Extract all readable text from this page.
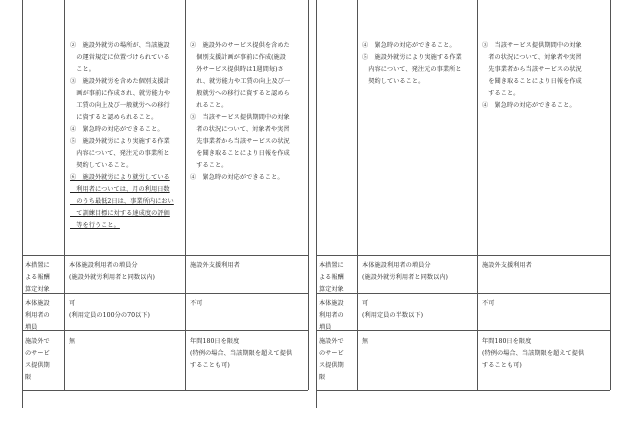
②　施設外就労の場所が、当該施設
　の運営規定に位置づけられている
　こと。
③　施設外就労を含めた個別支援計
　画が事前に作成され、就労能力や
　工賃の向上及び一般就労への移行
　に資すると認められること。
④　緊急時の対応ができること。
⑤　施設外就労により実施する作業
　内容について、発注元の事業所と
　契約していること。
⑥　施設外就労により就労している
　利用者については、月の利用日数
　のうち最低2日は、事業所内におい
　て訓練目標に対する達成度の評価
　等を行うこと。
②　施設外のサービス提供を含めた
　個別支援計画が事前に作成(施設
　外サービス提供時は1週間毎)さ
　れ、就労能力や工賃の向上及び一
　般就労への移行に資すると認めら
　れること。
③　当該サービス提供期間中の対象
　者の状況について、対象者や実習
　先事業者から当該サービスの状況
　を聞き取ることにより日報を作成
　すること。
④　緊急時の対応ができること。
本措置に
よる報酬
算定対象
本体施設利用者の増員分
(施設外就労利用者と同数以内)
施設外支援利用者
本体施設
利用者の
増員
可
(利用定員の100分の70以下)
不可
施設外で
のサービ
ス提供期
限
無	年間180日を限度
(特例の場合、当該期限を超えて提供
することも可)
④　緊急時の対応ができること。
⑤　施設外就労により実施する作業
　内容について、発注元の事業所と
　契約していること。
③　当該サービス提供期間中の対象
　者の状況について、対象者や実習
　先事業者から当該サービスの状況
　を聞き取ることにより日報を作成
　すること。
④　緊急時の対応ができること。
本措置に
よる報酬
算定対象
本体施設利用者の増員分
(施設外就労利用者と同数以内)
施設外支援利用者
本体施設
利用者の
増員
可
(利用定員の半数以下)
不可
施設外で
のサービ
ス提供期
限
無	年間180日を限度
(特例の場合、当該期限を超えて提供
することも可)
